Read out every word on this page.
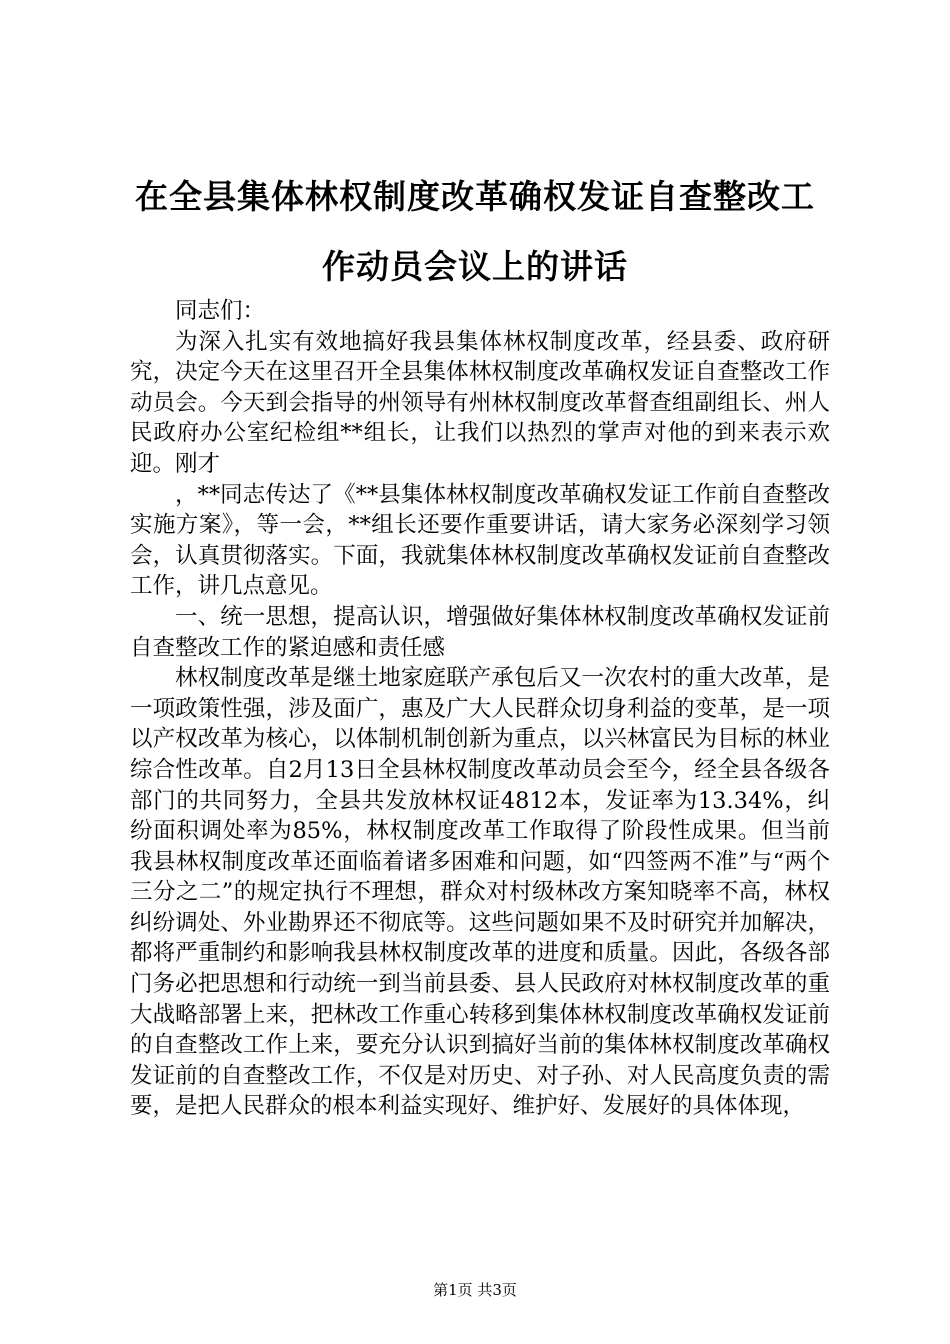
在全县集体林权制度改革确权发证自查整改工作动员会议上的讲话

同志们：

为深入扎实有效地搞好我县集体林权制度改革，经县委、政府研究，决定今天在这里召开全县集体林权制度改革确权发证自查整改工作动员会。今天到会指导的州领导有州林权制度改革督查组副组长、州人民政府办公室纪检组**组长，让我们以热烈的掌声对他的到来表示欢迎。刚才

，**同志传达了《**县集体林权制度改革确权发证工作前自查整改实施方案》，等一会，**组长还要作重要讲话，请大家务必深刻学习领会，认真贯彻落实。下面，我就集体林权制度改革确权发证前自查整改工作，讲几点意见。

一、统一思想，提高认识，增强做好集体林权制度改革确权发证前自查整改工作的紧迫感和责任感

林权制度改革是继土地家庭联产承包后又一次农村的重大改革，是一项政策性强，涉及面广，惠及广大人民群众切身利益的变革，是一项以产权改革为核心，以体制机制创新为重点，以兴林富民为目标的林业综合性改革。自2月13日全县林权制度改革动员会至今，经全县各级各部门的共同努力，全县共发放林权证4812本，发证率为13.34%，纠纷面积调处率为85%，林权制度改革工作取得了阶段性成果。但当前我县林权制度改革还面临着诸多困难和问题，如“四签两不准”与“两个三分之二”的规定执行不理想，群众对村级林改方案知晓率不高，林权纠纷调处、外业勘界还不彻底等。这些问题如果不及时研究并加解决，都将严重制约和影响我县林权制度改革的进度和质量。因此，各级各部门务必把思想和行动统一到当前县委、县人民政府对林权制度改革的重大战略部署上来，把林改工作重心转移到集体林权制度改革确权发证前的自查整改工作上来，要充分认识到搞好当前的集体林权制度改革确权发证前的自查整改工作，不仅是对历史、对子孙、对人民高度负责的需要，是把人民群众的根本利益实现好、维护好、发展好的具体体现，

第1页 共3页
